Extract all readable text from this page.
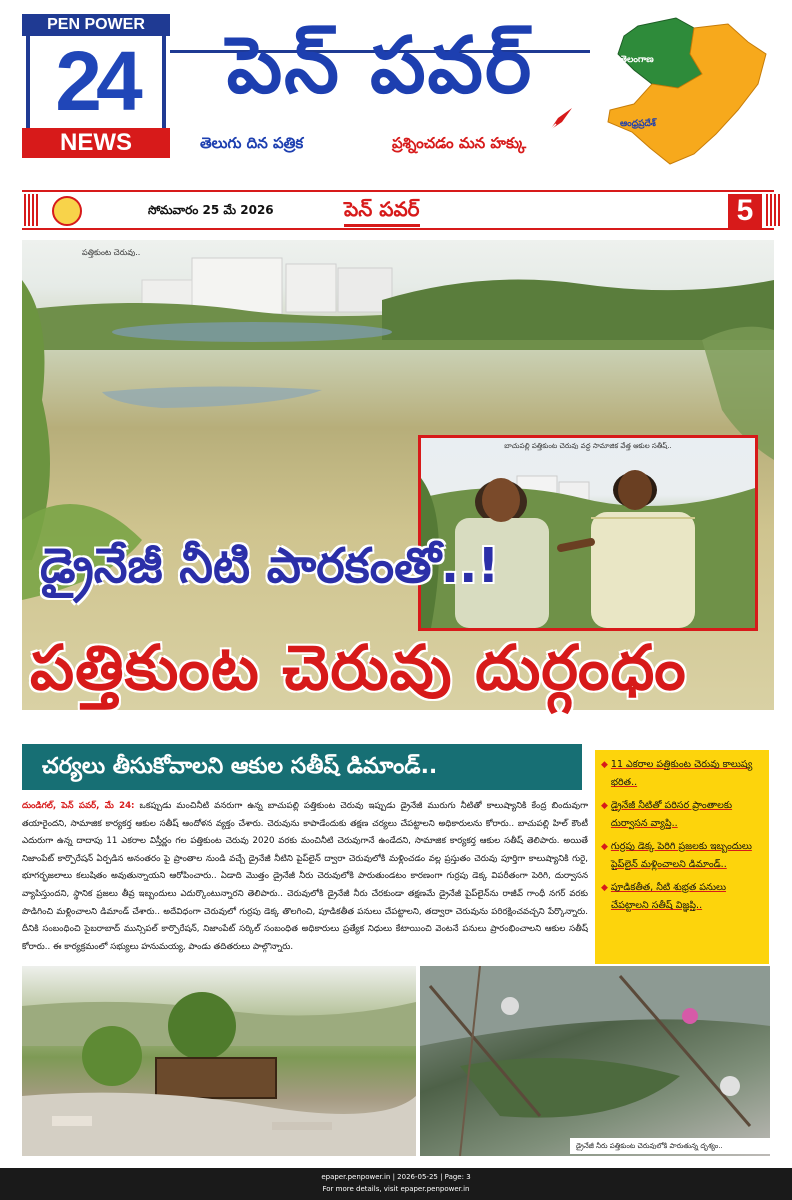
PEN POWER
24
NEWS
పెన్ పవర్
తెలుగు దిన పత్రిక	ప్రశ్నించడం మన హక్కు
తెలంగాణ
ఆంధ్రప్రదేశ్
సోమవారం 25 మే 2026	పెన్ పవర్	5
పత్తికుంట చెరువు..
బాచుపల్లి పత్తికుంట చెరువు వద్ద సామాజిక వేత్త ఆకుల సతీష్..
డ్రైనేజీ నీటి పారకంతో..!
పత్తికుంట చెరువు దుర్గంధం
చర్యలు తీసుకోవాలని ఆకుల సతీష్ డిమాండ్..
దుండిగల్, పెన్ పవర్, మే 24: ఒకప్పుడు మంచినీటి వనరుగా ఉన్న బాచుపల్లి పత్తికుంట చెరువు ఇప్పుడు డ్రైనేజీ మురుగు నీటితో కాలుష్యానికి కేంద్ర బిందువుగా తయారైందని, సామాజిక కార్యకర్త ఆకుల సతీష్ ఆందోళన వ్యక్తం చేశారు. చెరువును కాపాడేందుకు తక్షణ చర్యలు చేపట్టాలని అధికారులను కోరారు.. బాచుపల్లి హిల్ కౌంటీ ఎదురుగా ఉన్న దాదాపు 11 ఎకరాల విస్తీర్ణం గల పత్తికుంట చెరువు 2020 వరకు మంచినీటి చెరువుగానే ఉండేదని, సామాజిక కార్యకర్త ఆకుల సతీష్ తెలిపారు. అయితే నిజాంపేట్ కార్పొరేషన్ ఏర్పడిన అనంతరం పై ప్రాంతాల నుండి వచ్చే డ్రైనేజీ నీటిని పైప్‌లైన్ ద్వారా చెరువులోకి మళ్లించడం వల్ల ప్రస్తుతం చెరువు పూర్తిగా కాలుష్యానికి గురై, భూగర్భజలాలు కలుషితం అవుతున్నాయని ఆరోపించారు.. ఏడాది మొత్తం డ్రైనేజీ నీరు చెరువులోకి పారుతుండటం కారణంగా గుర్రపు డెక్క విపరీతంగా పెరిగి, దుర్వాసన వ్యాపిస్తుందని, స్థానిక ప్రజలు తీవ్ర ఇబ్బందులు ఎదుర్కొంటున్నారని తెలిపారు.. చెరువులోకి డ్రైనేజీ నీరు చేరకుండా తక్షణమే డ్రైనేజీ పైప్‌లైన్‌ను రాజీవ్ గాంధీ నగర్ వరకు పొడిగించి మళ్లించాలని డిమాండ్ చేశారు.. అదేవిధంగా చెరువులో గుర్రపు డెక్క తొలగించి, పూడికతీత పనులు చేపట్టాలని, తద్వారా చెరువును పరిరక్షించవచ్చని పేర్కొన్నారు. దీనికి సంబంధించి సైబరాబాద్ మున్సిపల్ కార్పొరేషన్, నిజాంపేట్ సర్కిల్ సంబంధిత అధికారులు ప్రత్యేక నిధులు కేటాయించి వెంటనే పనులు ప్రారంభించాలని ఆకుల సతీష్ కోరారు.. ఈ కార్యక్రమంలో సభ్యులు హనుమయ్య, పాండు తదితరులు పాల్గొన్నారు.
◆ 11 ఎకరాల పత్తికుంట చెరువు కాలుష్య భరిత..
◆ డ్రైనేజీ నీటితో పరిసర ప్రాంతాలకు దుర్వాసన వ్యాప్తి..
◆ గుర్రపు డెక్క పెరిగి ప్రజలకు ఇబ్బందులు పైప్‌లైన్ మళ్లించాలని డిమాండ్..
◆ పూడికతీత, నీటి శుభ్రత పనులు చేపట్టాలని సతీష్ విజ్ఞప్తి..
డ్రైనేజీ నీరు పత్తికుంట చెరువులోకి పారుతున్న దృశ్యం..
epaper.penpower.in | 2026-05-25 | Page: 3
For more details, visit epaper.penpower.in
